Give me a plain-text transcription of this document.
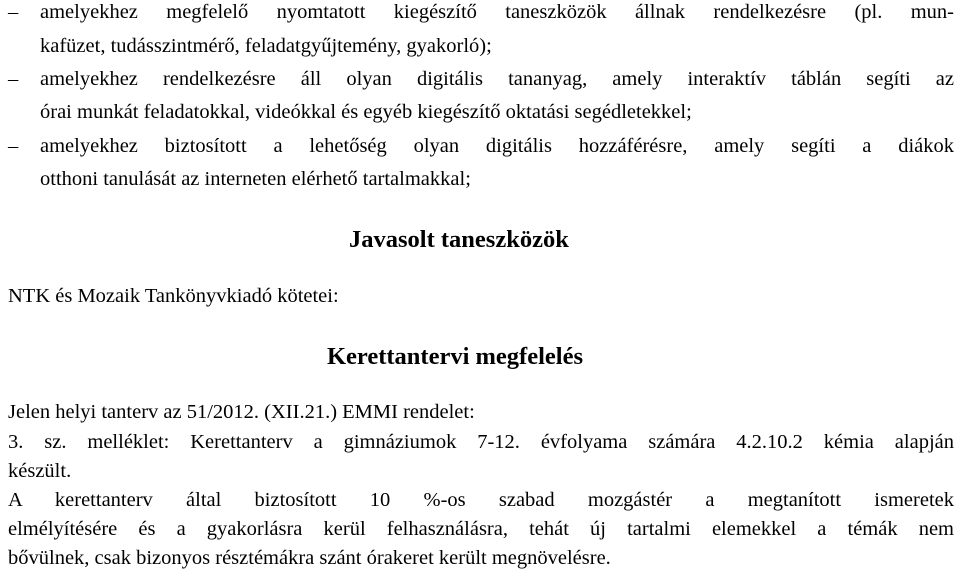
–	amelyekhez megfelelő nyomtatott kiegészítő taneszközök állnak rendelkezésre (pl. mun-
kafüzet, tudásszintmérő, feladatgyűjtemény, gyakorló);
–	amelyekhez rendelkezésre áll olyan digitális tananyag, amely interaktív táblán segíti az
órai munkát feladatokkal, videókkal és egyéb kiegészítő oktatási segédletekkel;
–	amelyekhez biztosított a lehetőség olyan digitális hozzáférésre, amely segíti a diákok
otthoni tanulását az interneten elérhető tartalmakkal;
Javasolt taneszközök
NTK és Mozaik Tankönyvkiadó kötetei:
Kerettantervi megfelelés
Jelen helyi tanterv az 51/2012. (XII.21.) EMMI rendelet:
3. sz. melléklet: Kerettanterv a gimnáziumok 7-12. évfolyama számára 4.2.10.2 kémia alapján
készült.
A kerettanterv által biztosított 10 %-os szabad mozgástér a megtanított ismeretek
elmélyítésére és a gyakorlásra kerül felhasználásra, tehát új tartalmi elemekkel a témák nem
bővülnek, csak bizonyos résztémákra szánt órakeret került megnövelésre.
